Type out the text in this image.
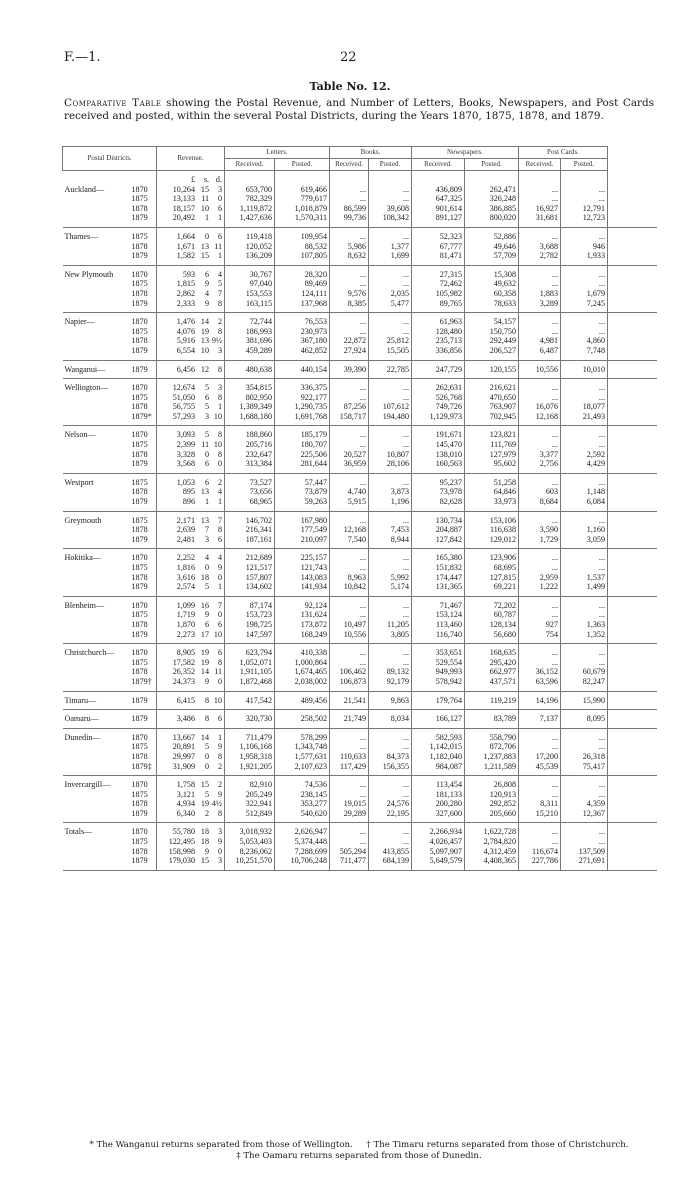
F.—1.	22
Table No. 12.
Comparative Table showing the Postal Revenue, and Number of Letters, Books, Newspapers, and Post Cards received and posted, within the several Postal Districts, during the Years 1870, 1875, 1878, and 1879.
Postal Districts.		Revenue.	Letters.		Books.		Newspapers.		Post Cards.		
			Received.	Posted.	Received.	Posted.	Received.	Posted.	Received.	Posted.	
		£ s. d.									
Auckland—	1870	10,264 15 3	653,700	619,466	...	...	436,809	262,471	...	...	
	1875	13,133 11 0	782,329	779,617	...	...	647,325	326,248	...	...	
	1878	18,157 10 6	1,119,872	1,018,879	86,599	39,608	901,614	386,885	16,927	12,791	
	1879	20,492 1 1	1,427,636	1,570,311	99,736	108,342	891,127	800,020	31,681	12,723	
Thames—	1875	1,664 0 6	119,418	109,954	...	...	52,323	52,886	...	...	
	1878	1,671 13 11	120,052	88,532	5,986	1,377	67,777	49,646	3,688	946	
	1879	1,582 15 1	136,209	107,805	8,632	1,699	81,471	57,709	2,782	1,933	
New Plymouth	1870	593 6 4	30,767	28,320	...	...	27,315	15,308	...	...	
	1875	1,815 9 5	97,040	89,469	...	...	72,462	49,632	...	...	
	1878	2,862 4 7	153,553	124,111	9,576	2,035	105,982	60,358	1,883	1,679	
	1879	2,333 9 8	163,115	137,968	8,385	5,477	89,765	78,633	3,289	7,245	
Napier—	1870	1,476 14 2	72,744	76,553	...	...	61,963	54,157	...	...	
	1875	4,076 19 8	186,993	230,973	...	...	128,480	150,750	...	...	
	1878	5,916 13 9½	381,696	367,180	22,872	25,812	235,713	292,449	4,981	4,860	
	1879	6,554 10 3	459,289	462,852	27,924	15,505	336,856	206,527	6,487	7,748	
Wanganui—	1879	6,456 12 8	480,638	440,154	39,390	22,785	247,729	120,155	10,556	10,010	
Wellington—	1870	12,674 5 3	354,815	336,375	...	...	262,631	216,621	...	...	
	1875	51,050 6 8	802,950	922,177	...	...	526,768	470,650	...	...	
	1878	56,755 5 1	1,389,349	1,290,735	87,256	107,612	749,726	763,907	16,076	18,077	
	1879*	57,293 3 10	1,688,180	1,691,768	158,717	194,480	1,129,973	702,945	12,168	21,493	
Nelson—	1870	3,093 5 8	188,860	185,179	...	...	191,671	123,821	...	...	
	1875	2,399 11 10	205,716	180,707	...	...	145,470	111,769	...	...	
	1878	3,328 0 8	232,647	225,506	20,527	10,807	138,010	127,979	3,377	2,592	
	1879	3,568 6 0	313,384	281,644	36,959	28,106	160,563	95,602	2,756	4,429	
Westport	1875	1,053 6 2	73,527	57,447	...	...	95,237	51,258	...	...	
	1878	895 13 4	73,656	73,879	4,740	3,873	73,978	64,846	603	1,148	
	1879	896 1 1	68,965	59,263	5,915	1,196	82,628	33,973	8,684	6,084	
Greymouth	1875	2,171 13 7	146,702	167,980	...	...	130,734	153,106	...	...	
	1878	2,639 7 8	216,341	177,549	12,168	7,453	204,887	116,638	3,590	1,160	
	1879	2,481 3 6	187,161	210,097	7,540	8,944	127,842	129,012	1,729	3,059	
Hokitika—	1870	2,252 4 4	212,689	225,157	...	...	165,380	123,906	...	...	
	1875	1,816 0 9	121,517	121,743	...	...	151,832	68,695	...	...	
	1878	3,616 18 0	157,807	143,083	8,963	5,992	174,447	127,815	2,959	1,537	
	1879	2,574 5 1	134,602	141,934	10,842	5,174	131,365	69,221	1,222	1,499	
Blenheim—	1870	1,099 16 7	87,174	92,124	...	...	71,467	72,202	...	...	
	1875	1,719 9 0	153,723	131,624	...	...	153,124	60,787	...	...	
	1878	1,870 6 6	198,725	173,872	10,497	11,205	113,460	128,134	927	1,363	
	1879	2,273 17 10	147,597	168,249	10,556	3,805	116,740	56,680	754	1,352	
Christchurch—	1870	8,905 19 6	623,794	410,338	...	...	353,651	168,635	...	...	
	1875	17,582 19 8	1,052,071	1,000,864	...	...	529,554	295,420	...	...	
	1878	26,352 14 11	1,911,105	1,674,465	106,462	89,132	949,993	662,977	36,152	60,679	
	1879†	24,373 9 0	1,872,468	2,038,002	106,873	92,179	578,942	437,571	63,596	82,247	
Timaru—	1879	6,415 8 10	417,542	489,456	21,541	9,863	179,764	119,219	14,196	15,990	
Oamaru—	1879	3,486 8 6	320,730	258,502	21,749	8,034	166,127	83,789	7,137	8,095	
Dunedin—	1870	13,667 14 1	711,479	578,299	...	...	582,593	558,790	...	...	
	1875	20,891 5 9	1,106,168	1,343,748	...	...	1,142,015	872,706	...	...	
	1878	29,997 0 8	1,958,318	1,577,631	110,633	84,373	1,182,040	1,237,883	17,200	26,318	
	1879‡	31,909 0 2	1,921,205	2,107,623	117,429	156,355	984,087	1,211,589	45,539	75,417	
Invercargill—	1870	1,758 15 2	82,910	74,536	...	...	113,454	26,808	...	...	
	1875	3,121 5 9	205,249	238,145	...	...	181,133	120,913	...	...	
	1878	4,934 19 4½	322,941	353,277	19,015	24,576	200,280	292,852	8,311	4,359	
	1879	6,340 2 8	512,849	540,620	29,289	22,195	327,600	205,660	15,210	12,367	
Totals—	1870	55,780 18 3	3,018,932	2,626,947	...	...	2,266,934	1,622,728	...	...	
	1875	122,495 18 9	5,053,403	5,374,448	...	...	4,026,457	2,784,820	...	...	
	1878	158,998 9 0	8,236,062	7,288,699	505,294	413,855	5,097,907	4,312,459	116,674	137,509	
	1879	179,030 15 3	10,251,570	10,706,248	711,477	684,139	5,649,579	4,408,365	227,786	271,691	
* The Wanganui returns separated from those of Wellington. † The Timaru returns separated from those of Christchurch.
‡ The Oamaru returns separated from those of Dunedin.
